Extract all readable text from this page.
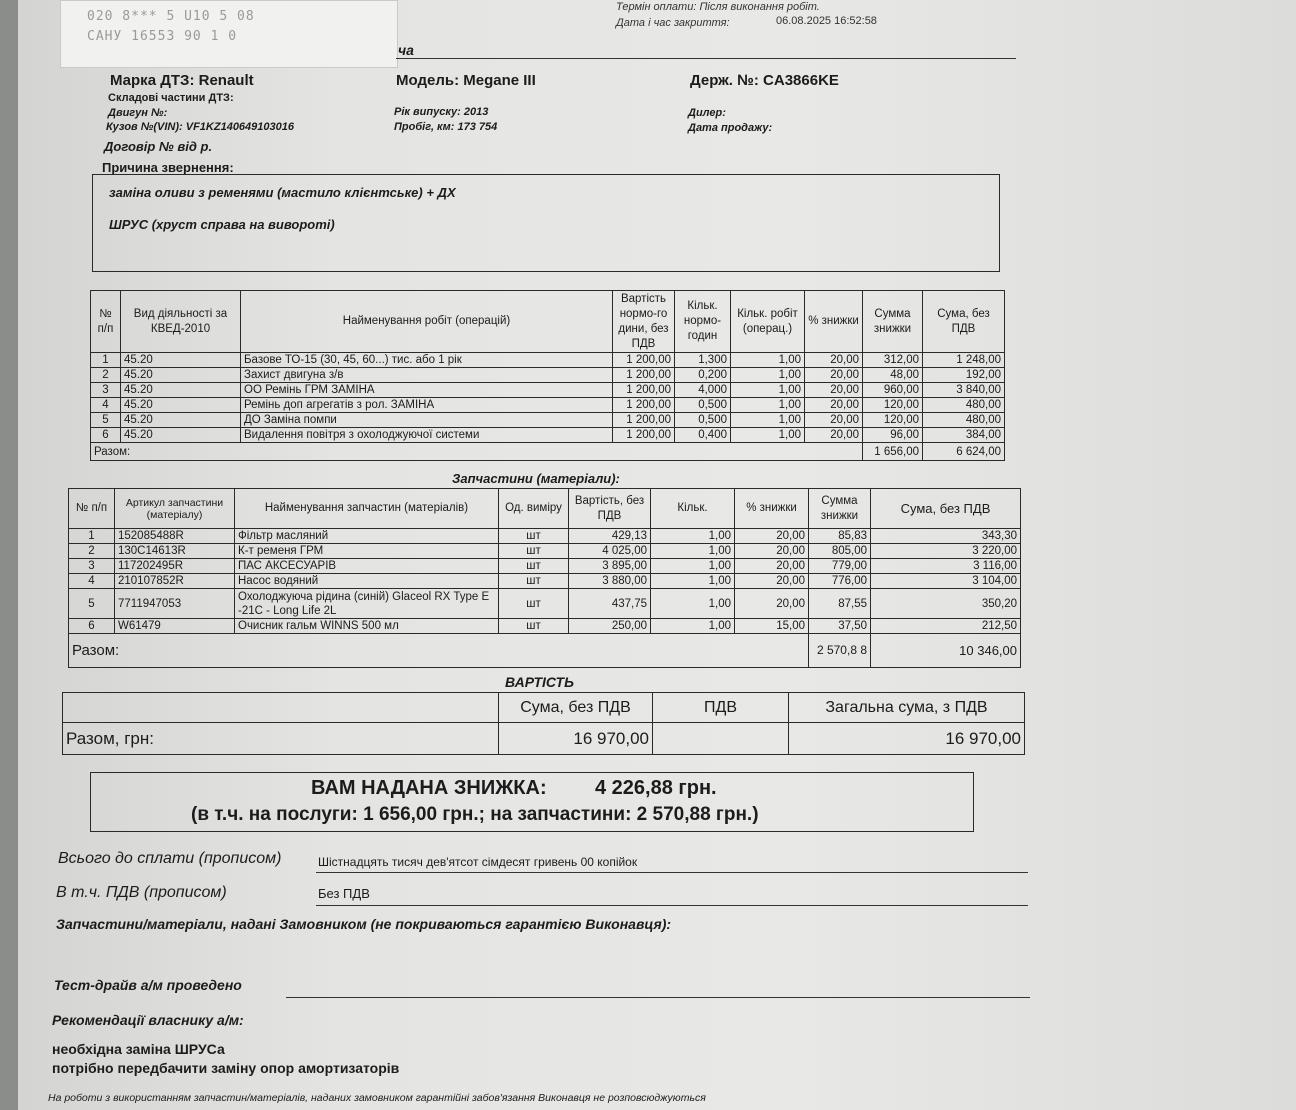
020 8*** 5 U10 5 08
САНУ 16553 90 1 0
Термін оплати: Після виконання робіт.
Дата і час закриття:	06.08.2025 16:52:58
ча
Марка ДТЗ: Renault	Модель: Megane III	Держ. №: CA3866KE
Складові частини ДТЗ:
Двигун №:
Кузов №(VIN): VF1KZ140649103016
Рік випуску: 2013
Пробіг, км: 173 754
Дилер:
Дата продажу:
Договір № від р.
Причина звернення:
заміна оливи з ременями (мастило клієнтське) + ДХ
ШРУС (хруст справа на вивороті)
№ п/п	Вид діяльності за КВЕД-2010	Найменування робіт (операцій)	Вартість нормо-го дини, без ПДВ	Кільк. нормо-годин	Кільк. робіт (операц.)	% знижки	Сумма знижки	Сума, без ПДВ
1	45.20	Базове ТО-15 (30, 45, 60...) тис. або 1 рік	1 200,00	1,300	1,00	20,00	312,00	1 248,00
2	45.20	Захист двигуна з/в	1 200,00	0,200	1,00	20,00	48,00	192,00
3	45.20	ОО Ремінь ГРМ ЗАМІНА	1 200,00	4,000	1,00	20,00	960,00	3 840,00
4	45.20	Ремінь доп агрегатів з рол. ЗАМІНА	1 200,00	0,500	1,00	20,00	120,00	480,00
5	45.20	ДО Заміна помпи	1 200,00	0,500	1,00	20,00	120,00	480,00
6	45.20	Видалення повітря з охолоджуючої системи	1 200,00	0,400	1,00	20,00	96,00	384,00
Разом:							1 656,00	6 624,00
Запчастини (матеріали):
№ п/п	Артикул запчастини (матеріалу)	Найменування запчастин (матеріалів)	Од. виміру	Вартість, без ПДВ	Кільк.	% знижки	Сумма знижки	Сума, без ПДВ
1	152085488R	Фільтр масляний	шт	429,13	1,00	20,00	85,83	343,30
2	130C14613R	К-т ременя ГРМ	шт	4 025,00	1,00	20,00	805,00	3 220,00
3	117202495R	ПАС АКСЕСУАРІВ	шт	3 895,00	1,00	20,00	779,00	3 116,00
4	210107852R	Насос водяний	шт	3 880,00	1,00	20,00	776,00	3 104,00
5	7711947053	Охолоджуюча рідина (синій) Glaceol RX Type E -21C - Long Life 2L	шт	437,75	1,00	20,00	87,55	350,20
6	W61479	Очисник гальм WINNS 500 мл	шт	250,00	1,00	15,00	37,50	212,50
Разом:							2 570,8 8	10 346,00
ВАРТІСТЬ
	Сума, без ПДВ	ПДВ	Загальна сума, з ПДВ
Разом, грн:	16 970,00		16 970,00
ВАМ НАДАНА ЗНИЖКА: 4 226,88 грн.
(в т.ч. на послуги: 1 656,00 грн.; на запчастини: 2 570,88 грн.)
Всього до сплати (прописом)	Шістнадцять тисяч дев'ятсот сімдесят гривень 00 копійок
В т.ч. ПДВ (прописом)	Без ПДВ
Запчастини/матеріали, надані Замовником (не покриваються гарантією Виконавця):
Тест-драйв а/м проведено
Рекомендації власнику а/м:
необхідна заміна ШРУСа
потрібно передбачити заміну опор амортизаторів
На роботи з використанням запчастин/матеріалів, наданих замовником гарантійні забов'язання Виконавця не розповсюджуються
